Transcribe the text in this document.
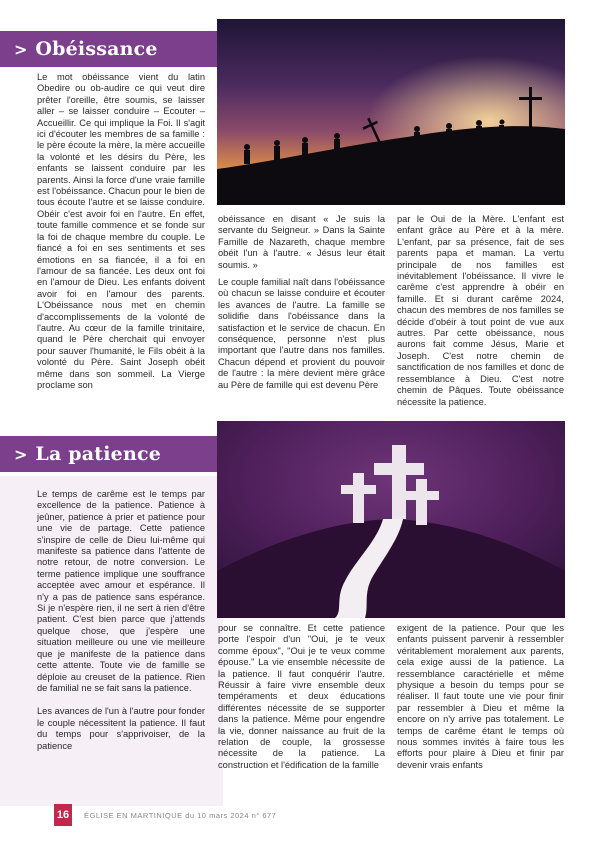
> Obéissance

Le mot obéissance vient du latin Obedire ou ob-audire ce qui veut dire prêter l'oreille, être soumis, se laisser aller – se laisser conduire – Ecouter – Accueillir. Ce qui implique la Foi. Il s'agit ici d'écouter les membres de sa famille : le père écoute la mère, la mère accueille la volonté et les désirs du Père, les enfants se laissent conduire par les parents. Ainsi la force d'une vraie famille est l'obéissance. Chacun pour le bien de tous écoute l'autre et se laisse conduire. Obéir c'est avoir foi en l'autre. En effet, toute famille commence et se fonde sur la foi de chaque membre du couple. Le fiancé a foi en ses sentiments et ses émotions en sa fiancée, il a foi en l'amour de sa fiancée. Les deux ont foi en l'amour de Dieu. Les enfants doivent avoir foi en l'amour des parents. L'Obéissance nous met en chemin d'accomplissements de la volonté de l'autre. Au cœur de la famille trinitaire, quand le Père cherchait qui envoyer pour sauver l'humanité, le Fils obéit à la volonté du Père. Saint Joseph obéit même dans son sommeil. La Vierge proclame son

obéissance en disant « Je suis la servante du Seigneur. » Dans la Sainte Famille de Nazareth, chaque membre obéit l'un à l'autre. « Jésus leur était soumis. »

Le couple familial naît dans l'obéissance où chacun se laisse conduire et écouter les avances de l'autre. La famille se solidifie dans l'obéissance dans la satisfaction et le service de chacun. En conséquence, personne n'est plus important que l'autre dans nos familles. Chacun dépend et provient du pouvoir de l'autre : la mère devient mère grâce au Père de famille qui est devenu Père

par le Oui de la Mère. L'enfant est enfant grâce au Père et à la mère. L'enfant, par sa présence, fait de ses parents papa et maman. La vertu principale de nos familles est inévitablement l'obéissance. Il vivre le carême c'est apprendre à obéir en famille. Et si durant carême 2024, chacun des membres de nos familles se décide d'obéir à tout point de vue aux autres. Par cette obéissance, nous aurons fait comme Jésus, Marie et Joseph. C'est notre chemin de sanctification de nos familles et donc de ressemblance à Dieu. C'est notre chemin de Pâques. Toute obéissance nécessite la patience.

> La patience

Le temps de carême est le temps par excellence de la patience. Patience à jeûner, patience à prier et patience pour une vie de partage. Cette patience s'inspire de celle de Dieu lui-même qui manifeste sa patience dans l'attente de notre retour, de notre conversion. Le terme patience implique une souffrance acceptée avec amour et espérance. Il n'y a pas de patience sans espérance. Si je n'espère rien, il ne sert à rien d'être patient. C'est bien parce que j'attends quelque chose, que j'espère une situation meilleure ou une vie meilleure que je manifeste de la patience dans cette attente. Toute vie de famille se déploie au creuset de la patience. Rien de familial ne se fait sans la patience.

Les avances de l'un à l'autre pour fonder le couple nécessitent la patience. Il faut du temps pour s'apprivoiser, de la patience

pour se connaître. Et cette patience porte l'espoir d'un "Oui, je te veux comme époux", "Oui je te veux comme épouse." La vie ensemble nécessite de la patience. Il faut conquérir l'autre. Réussir à faire vivre ensemble deux tempéraments et deux éducations différentes nécessite de se supporter dans la patience. Même pour engendre la vie, donner naissance au fruit de la relation de couple, la grossesse nécessite de la patience. La construction et l'édification de la famille

exigent de la patience. Pour que les enfants puissent parvenir à ressembler véritablement moralement aux parents, cela exige aussi de la patience. La ressemblance caractérielle et même physique a besoin du temps pour se réaliser. Il faut toute une vie pour finir par ressembler à Dieu et même la encore on n'y arrive pas totalement. Le temps de carême étant le temps où nous sommes invités à faire tous les efforts pour plaire à Dieu et finir par devenir vrais enfants

16	ÉGLISE EN MARTINIQUE du 10 mars 2024 n° 677
